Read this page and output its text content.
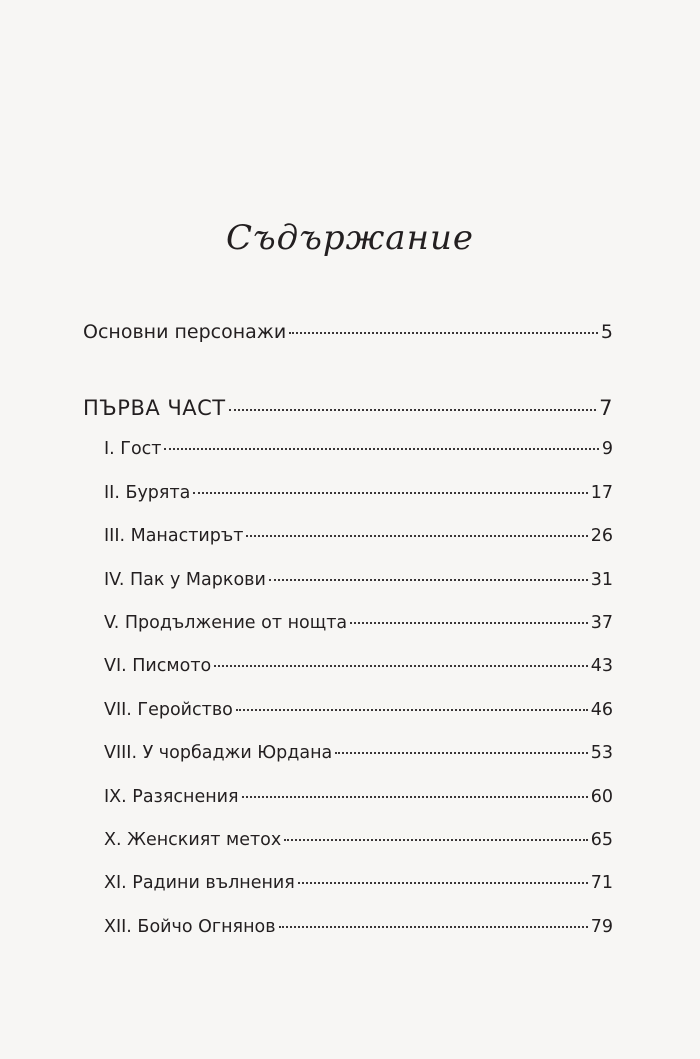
Съдържание
Основни персонажи	5
ПЪРВА ЧАСТ	7
I. Гост	9
II. Бурята	17
III. Манастирът	26
IV. Пак у Маркови	31
V. Продължение от нощта	37
VI. Писмото	43
VII. Геройство	46
VIII. У чорбаджи Юрдана	53
IX. Разяснения	60
X. Женският метох	65
XI. Радини вълнения	71
XII. Бойчо Огнянов	79
